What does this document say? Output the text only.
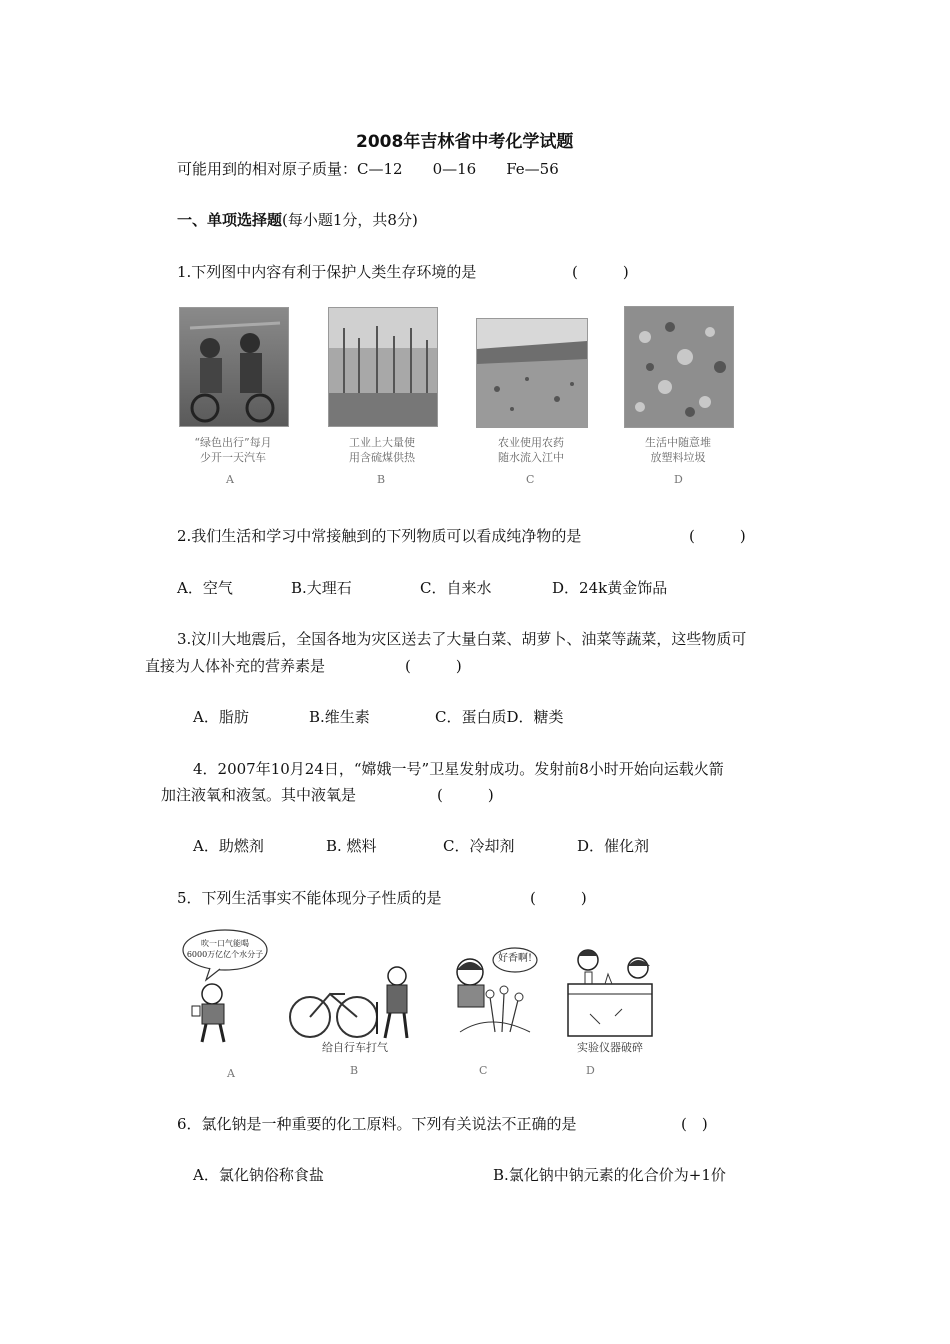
2008年吉林省中考化学试题
可能用到的相对原子质量：C—12　　0—16　　Fe—56
一、单项选择题(每小题1分，共8分)
1.下列图中内容有利于保护人类生存环境的是	(　　　)
“绿色出行”每月
少开一天汽车
工业上大量使
用含硫煤供热
农业使用农药
随水流入江中
生活中随意堆
放塑料垃圾
A	B	C	D
2.我们生活和学习中常接触到的下列物质可以看成纯净物的是	(　　　)
A．空气	B.大理石	C．自来水	D．24k黄金饰品
3.汶川大地震后，全国各地为灾区送去了大量白菜、胡萝卜、油菜等蔬菜，这些物质可
直接为人体补充的营养素是	(　　　)
A．脂肪	B.维生素	C．蛋白质D．糖类
4．2007年10月24日，“嫦娥一号”卫星发射成功。发射前8小时开始向运载火箭
加注液氧和液氢。其中液氧是	(　　　)
A．助燃剂	B. 燃料	C．冷却剂	D．催化剂
5．下列生活事实不能体现分子性质的是	(　　　)
吹一口气能喝
6000万亿亿个水分子
给自行车打气
好香啊!
实验仪器破碎
A	B	C	D
6．氯化钠是一种重要的化工原料。下列有关说法不正确的是	(　)
A．氯化钠俗称食盐	B.氯化钠中钠元素的化合价为+1价
